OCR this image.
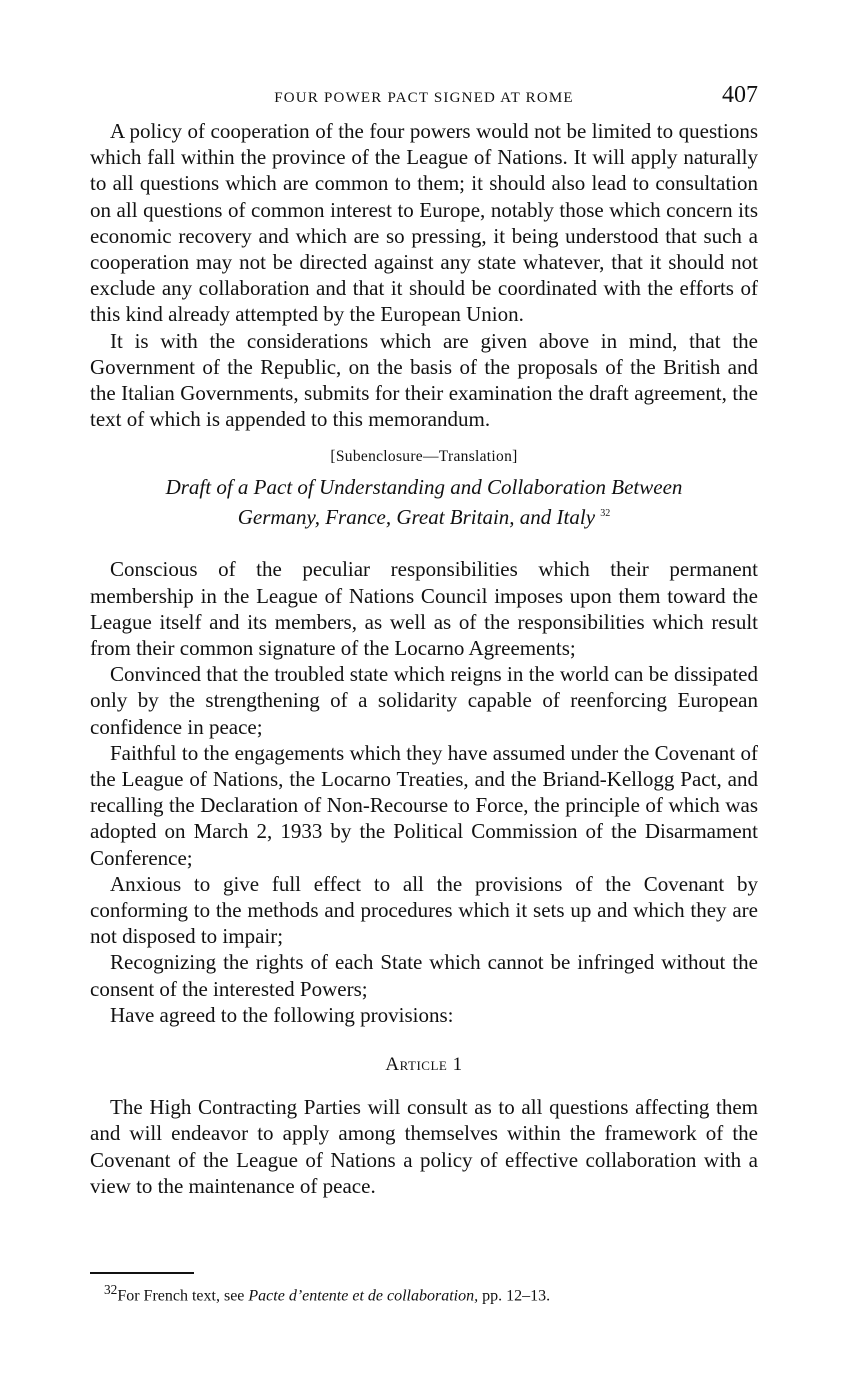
FOUR POWER PACT SIGNED AT ROME	407

A policy of cooperation of the four powers would not be limited to questions which fall within the province of the League of Nations. It will apply naturally to all questions which are common to them; it should also lead to consultation on all questions of common interest to Europe, notably those which concern its economic recovery and which are so pressing, it being understood that such a cooperation may not be directed against any state whatever, that it should not exclude any collaboration and that it should be coordinated with the efforts of this kind already attempted by the European Union.

It is with the considerations which are given above in mind, that the Government of the Republic, on the basis of the proposals of the British and the Italian Governments, submits for their examination the draft agreement, the text of which is appended to this memorandum.

[Subenclosure—Translation]
Draft of a Pact of Understanding and Collaboration Between
Germany, France, Great Britain, and Italy $^{32}$

Conscious of the peculiar responsibilities which their permanent membership in the League of Nations Council imposes upon them toward the League itself and its members, as well as of the responsibilities which result from their common signature of the Locarno Agreements;

Convinced that the troubled state which reigns in the world can be dissipated only by the strengthening of a solidarity capable of reenforcing European confidence in peace;

Faithful to the engagements which they have assumed under the Covenant of the League of Nations, the Locarno Treaties, and the Briand-Kellogg Pact, and recalling the Declaration of Non-Recourse to Force, the principle of which was adopted on March 2, 1933 by the Political Commission of the Disarmament Conference;

Anxious to give full effect to all the provisions of the Covenant by conforming to the methods and procedures which it sets up and which they are not disposed to impair;

Recognizing the rights of each State which cannot be infringed without the consent of the interested Powers;

Have agreed to the following provisions:

Article 1

The High Contracting Parties will consult as to all questions affecting them and will endeavor to apply among themselves within the framework of the Covenant of the League of Nations a policy of effective collaboration with a view to the maintenance of peace.

$^{32}$For French text, see Pacte d’entente et de collaboration, pp. 12–13.
